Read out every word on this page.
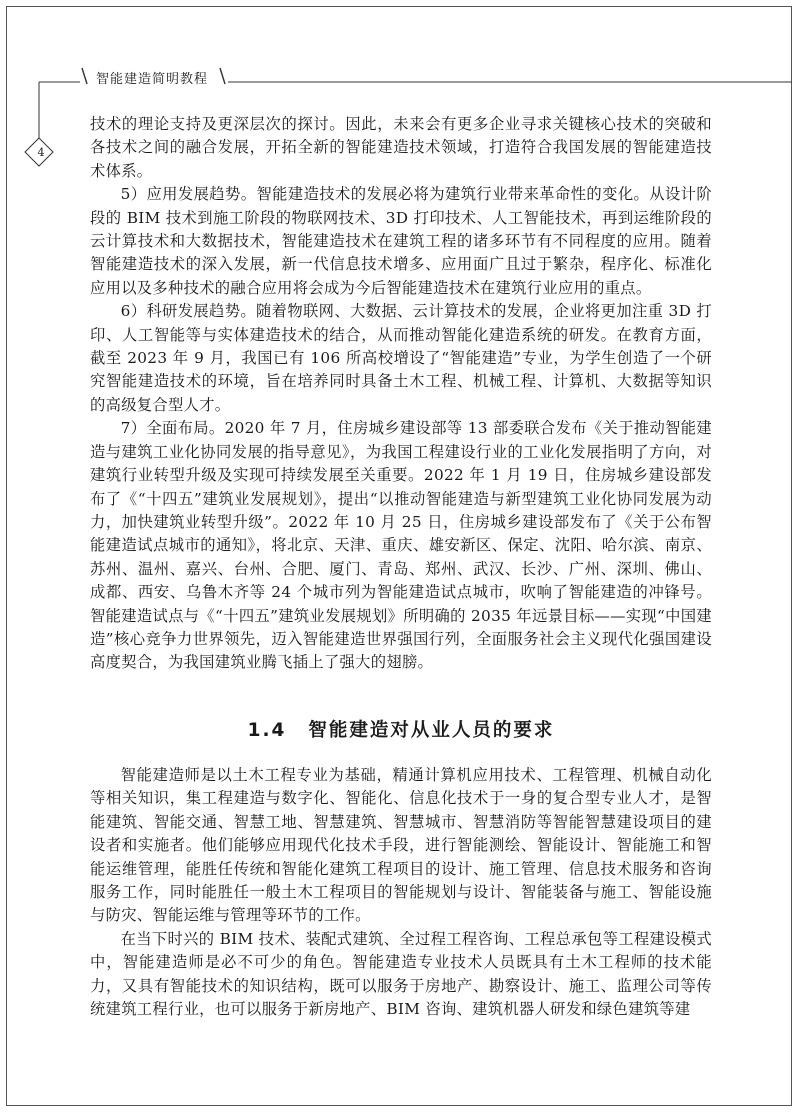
智能建造简明教程
4

技术的理论支持及更深层次的探讨。因此，未来会有更多企业寻求关键核心技术的突破和各技术之间的融合发展，开拓全新的智能建造技术领域，打造符合我国发展的智能建造技术体系。

5）应用发展趋势。智能建造技术的发展必将为建筑行业带来革命性的变化。从设计阶段的 BIM 技术到施工阶段的物联网技术、3D 打印技术、人工智能技术，再到运维阶段的云计算技术和大数据技术，智能建造技术在建筑工程的诸多环节有不同程度的应用。随着智能建造技术的深入发展，新一代信息技术增多、应用面广且过于繁杂，程序化、标准化应用以及多种技术的融合应用将会成为今后智能建造技术在建筑行业应用的重点。

6）科研发展趋势。随着物联网、大数据、云计算技术的发展，企业将更加注重 3D 打印、人工智能等与实体建造技术的结合，从而推动智能化建造系统的研发。在教育方面，截至 2023 年 9 月，我国已有 106 所高校增设了“智能建造”专业，为学生创造了一个研究智能建造技术的环境，旨在培养同时具备土木工程、机械工程、计算机、大数据等知识的高级复合型人才。

7）全面布局。2020 年 7 月，住房城乡建设部等 13 部委联合发布《关于推动智能建造与建筑工业化协同发展的指导意见》，为我国工程建设行业的工业化发展指明了方向，对建筑行业转型升级及实现可持续发展至关重要。2022 年 1 月 19 日，住房城乡建设部发布了《“十四五”建筑业发展规划》，提出“以推动智能建造与新型建筑工业化协同发展为动力，加快建筑业转型升级”。2022 年 10 月 25 日，住房城乡建设部发布了《关于公布智能建造试点城市的通知》，将北京、天津、重庆、雄安新区、保定、沈阳、哈尔滨、南京、苏州、温州、嘉兴、台州、合肥、厦门、青岛、郑州、武汉、长沙、广州、深圳、佛山、成都、西安、乌鲁木齐等 24 个城市列为智能建造试点城市，吹响了智能建造的冲锋号。智能建造试点与《“十四五”建筑业发展规划》所明确的 2035 年远景目标——实现“中国建造”核心竞争力世界领先，迈入智能建造世界强国行列，全面服务社会主义现代化强国建设高度契合，为我国建筑业腾飞插上了强大的翅膀。

1.4 智能建造对从业人员的要求

智能建造师是以土木工程专业为基础，精通计算机应用技术、工程管理、机械自动化等相关知识，集工程建造与数字化、智能化、信息化技术于一身的复合型专业人才，是智能建筑、智能交通、智慧工地、智慧建筑、智慧城市、智慧消防等智能智慧建设项目的建设者和实施者。他们能够应用现代化技术手段，进行智能测绘、智能设计、智能施工和智能运维管理，能胜任传统和智能化建筑工程项目的设计、施工管理、信息技术服务和咨询服务工作，同时能胜任一般土木工程项目的智能规划与设计、智能装备与施工、智能设施与防灾、智能运维与管理等环节的工作。

在当下时兴的 BIM 技术、装配式建筑、全过程工程咨询、工程总承包等工程建设模式中，智能建造师是必不可少的角色。智能建造专业技术人员既具有土木工程师的技术能力，又具有智能技术的知识结构，既可以服务于房地产、勘察设计、施工、监理公司等传统建筑工程行业，也可以服务于新房地产、BIM 咨询、建筑机器人研发和绿色建筑等建
